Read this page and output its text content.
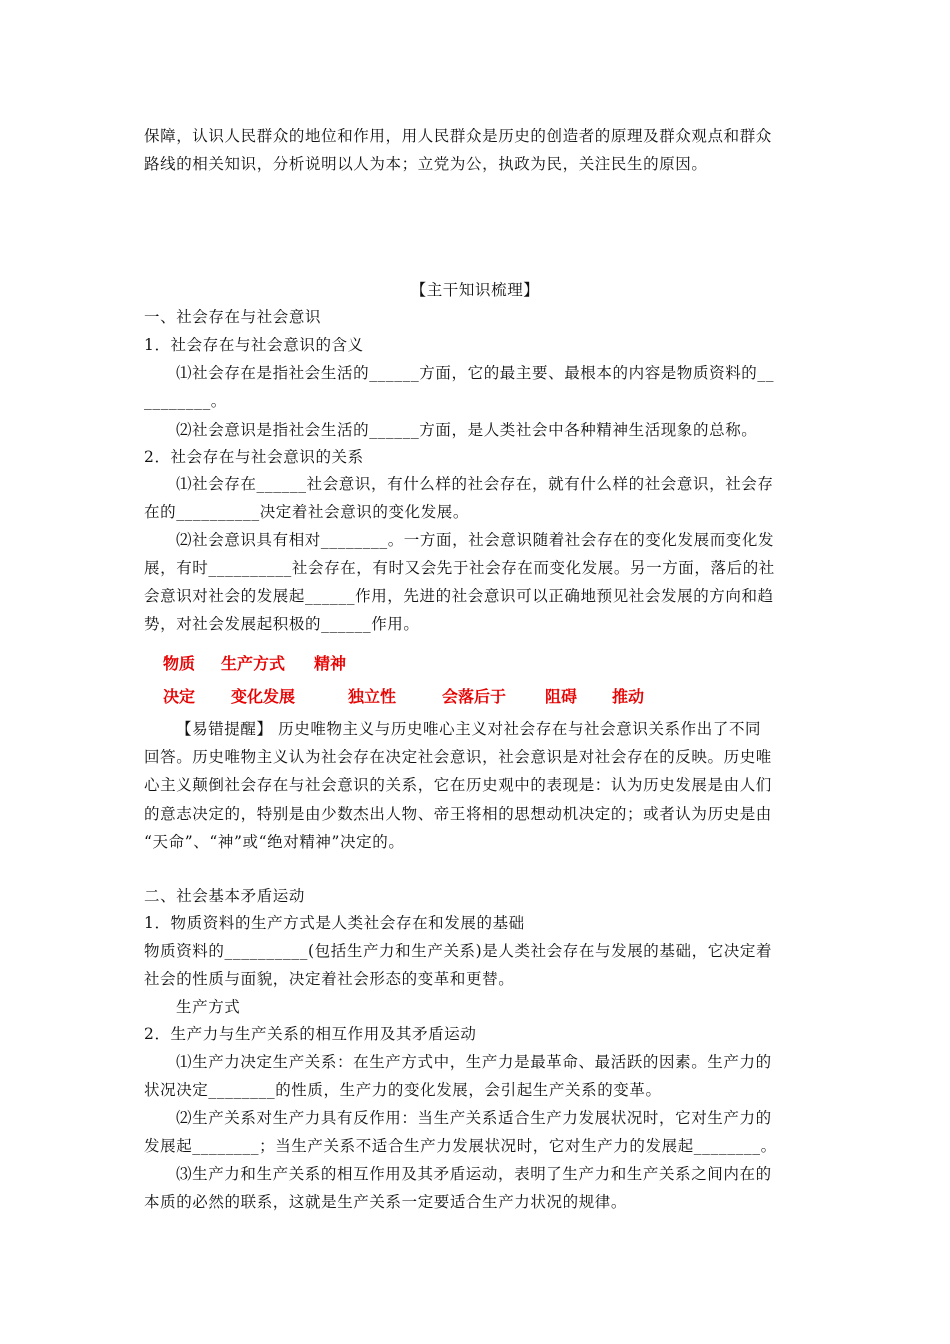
保障，认识人民群众的地位和作用，用人民群众是历史的创造者的原理及群众观点和群众
路线的相关知识，分析说明以人为本；立党为公，执政为民，关注民生的原因。
【主干知识梳理】
一、社会存在与社会意识
1．社会存在与社会意识的含义
⑴社会存在是指社会生活的______方面，它的最主要、最根本的内容是物质资料的__
________。
⑵社会意识是指社会生活的______方面，是人类社会中各种精神生活现象的总称。
2．社会存在与社会意识的关系
⑴社会存在______社会意识，有什么样的社会存在，就有什么样的社会意识，社会存
在的__________决定着社会意识的变化发展。
⑵社会意识具有相对________。一方面，社会意识随着社会存在的变化发展而变化发
展，有时__________社会存在，有时又会先于社会存在而变化发展。另一方面，落后的社
会意识对社会的发展起______作用，先进的社会意识可以正确地预见社会发展的方向和趋
势，对社会发展起积极的______作用。
物质 生产方式 精神
决定 变化发展	独立性	会落后于 阻碍 推动
【易错提醒】 历史唯物主义与历史唯心主义对社会存在与社会意识关系作出了不同
回答。历史唯物主义认为社会存在决定社会意识，社会意识是对社会存在的反映。历史唯
心主义颠倒社会存在与社会意识的关系，它在历史观中的表现是：认为历史发展是由人们
的意志决定的，特别是由少数杰出人物、帝王将相的思想动机决定的；或者认为历史是由
“天命”、“神”或“绝对精神”决定的。
二、社会基本矛盾运动
1．物质资料的生产方式是人类社会存在和发展的基础
物质资料的__________(包括生产力和生产关系)是人类社会存在与发展的基础，它决定着
社会的性质与面貌，决定着社会形态的变革和更替。
生产方式
2．生产力与生产关系的相互作用及其矛盾运动
⑴生产力决定生产关系：在生产方式中，生产力是最革命、最活跃的因素。生产力的
状况决定________的性质，生产力的变化发展，会引起生产关系的变革。
⑵生产关系对生产力具有反作用：当生产关系适合生产力发展状况时，它对生产力的
发展起________；当生产关系不适合生产力发展状况时，它对生产力的发展起________。
⑶生产力和生产关系的相互作用及其矛盾运动，表明了生产力和生产关系之间内在的
本质的必然的联系，这就是生产关系一定要适合生产力状况的规律。
